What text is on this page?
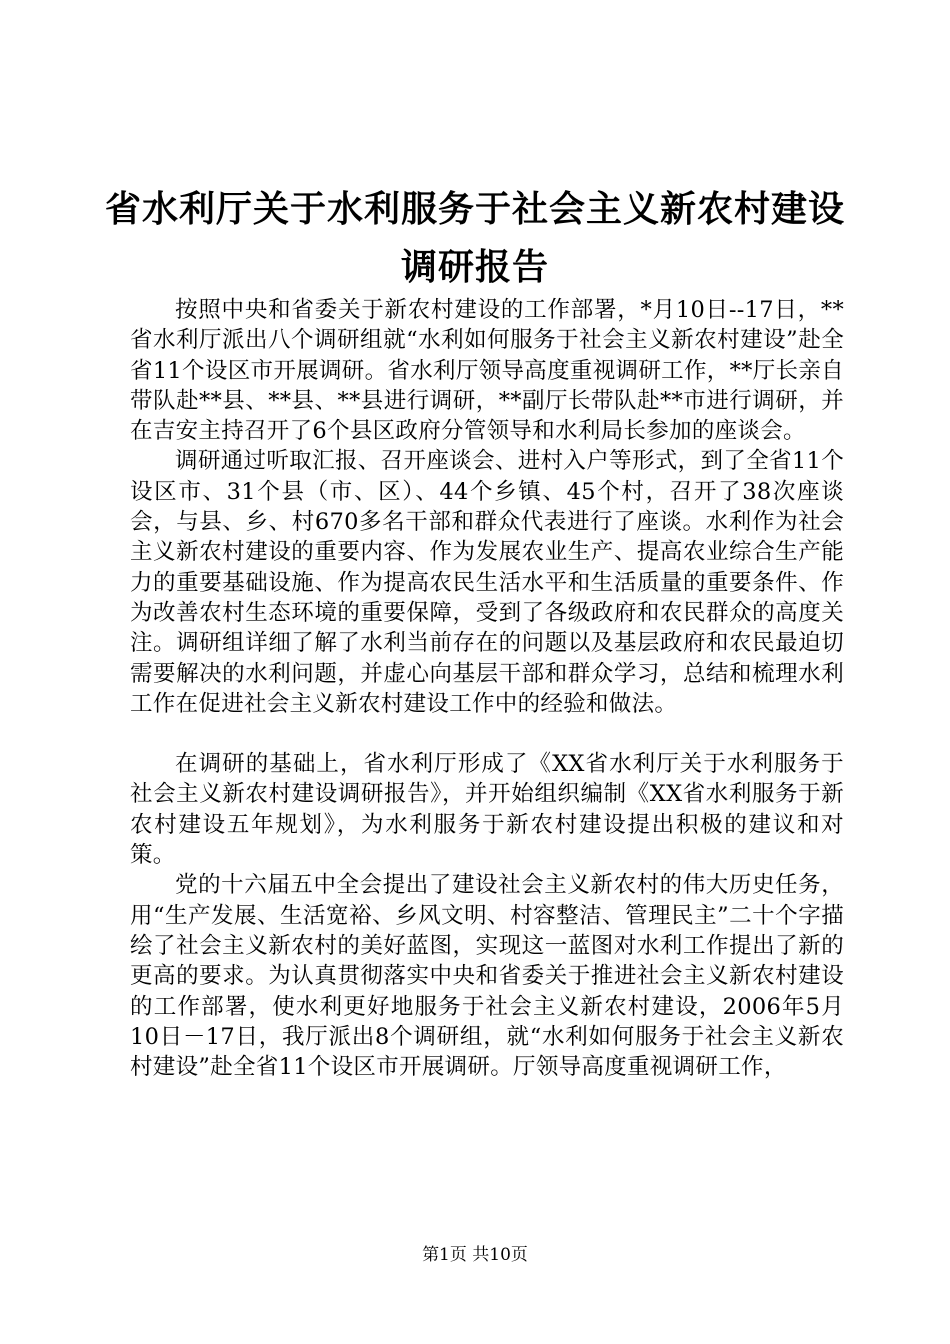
省水利厅关于水利服务于社会主义新农村建设
调研报告

按照中央和省委关于新农村建设的工作部署，*月10日--17日，**省水利厅派出八个调研组就“水利如何服务于社会主义新农村建设”赴全省11个设区市开展调研。省水利厅领导高度重视调研工作，**厅长亲自带队赴**县、**县、**县进行调研，**副厅长带队赴**市进行调研，并在吉安主持召开了6个县区政府分管领导和水利局长参加的座谈会。

调研通过听取汇报、召开座谈会、进村入户等形式，到了全省11个设区市、31个县（市、区）、44个乡镇、45个村，召开了38次座谈会，与县、乡、村670多名干部和群众代表进行了座谈。水利作为社会主义新农村建设的重要内容、作为发展农业生产、提高农业综合生产能力的重要基础设施、作为提高农民生活水平和生活质量的重要条件、作为改善农村生态环境的重要保障，受到了各级政府和农民群众的高度关注。调研组详细了解了水利当前存在的问题以及基层政府和农民最迫切需要解决的水利问题，并虚心向基层干部和群众学习，总结和梳理水利工作在促进社会主义新农村建设工作中的经验和做法。

在调研的基础上，省水利厅形成了《XX省水利厅关于水利服务于社会主义新农村建设调研报告》，并开始组织编制《XX省水利服务于新农村建设五年规划》，为水利服务于新农村建设提出积极的建议和对策。

党的十六届五中全会提出了建设社会主义新农村的伟大历史任务，用“生产发展、生活宽裕、乡风文明、村容整洁、管理民主”二十个字描绘了社会主义新农村的美好蓝图，实现这一蓝图对水利工作提出了新的更高的要求。为认真贯彻落实中央和省委关于推进社会主义新农村建设的工作部署，使水利更好地服务于社会主义新农村建设，2006年5月10日－17日，我厅派出8个调研组，就“水利如何服务于社会主义新农村建设”赴全省11个设区市开展调研。厅领导高度重视调研工作，

第1页 共10页
